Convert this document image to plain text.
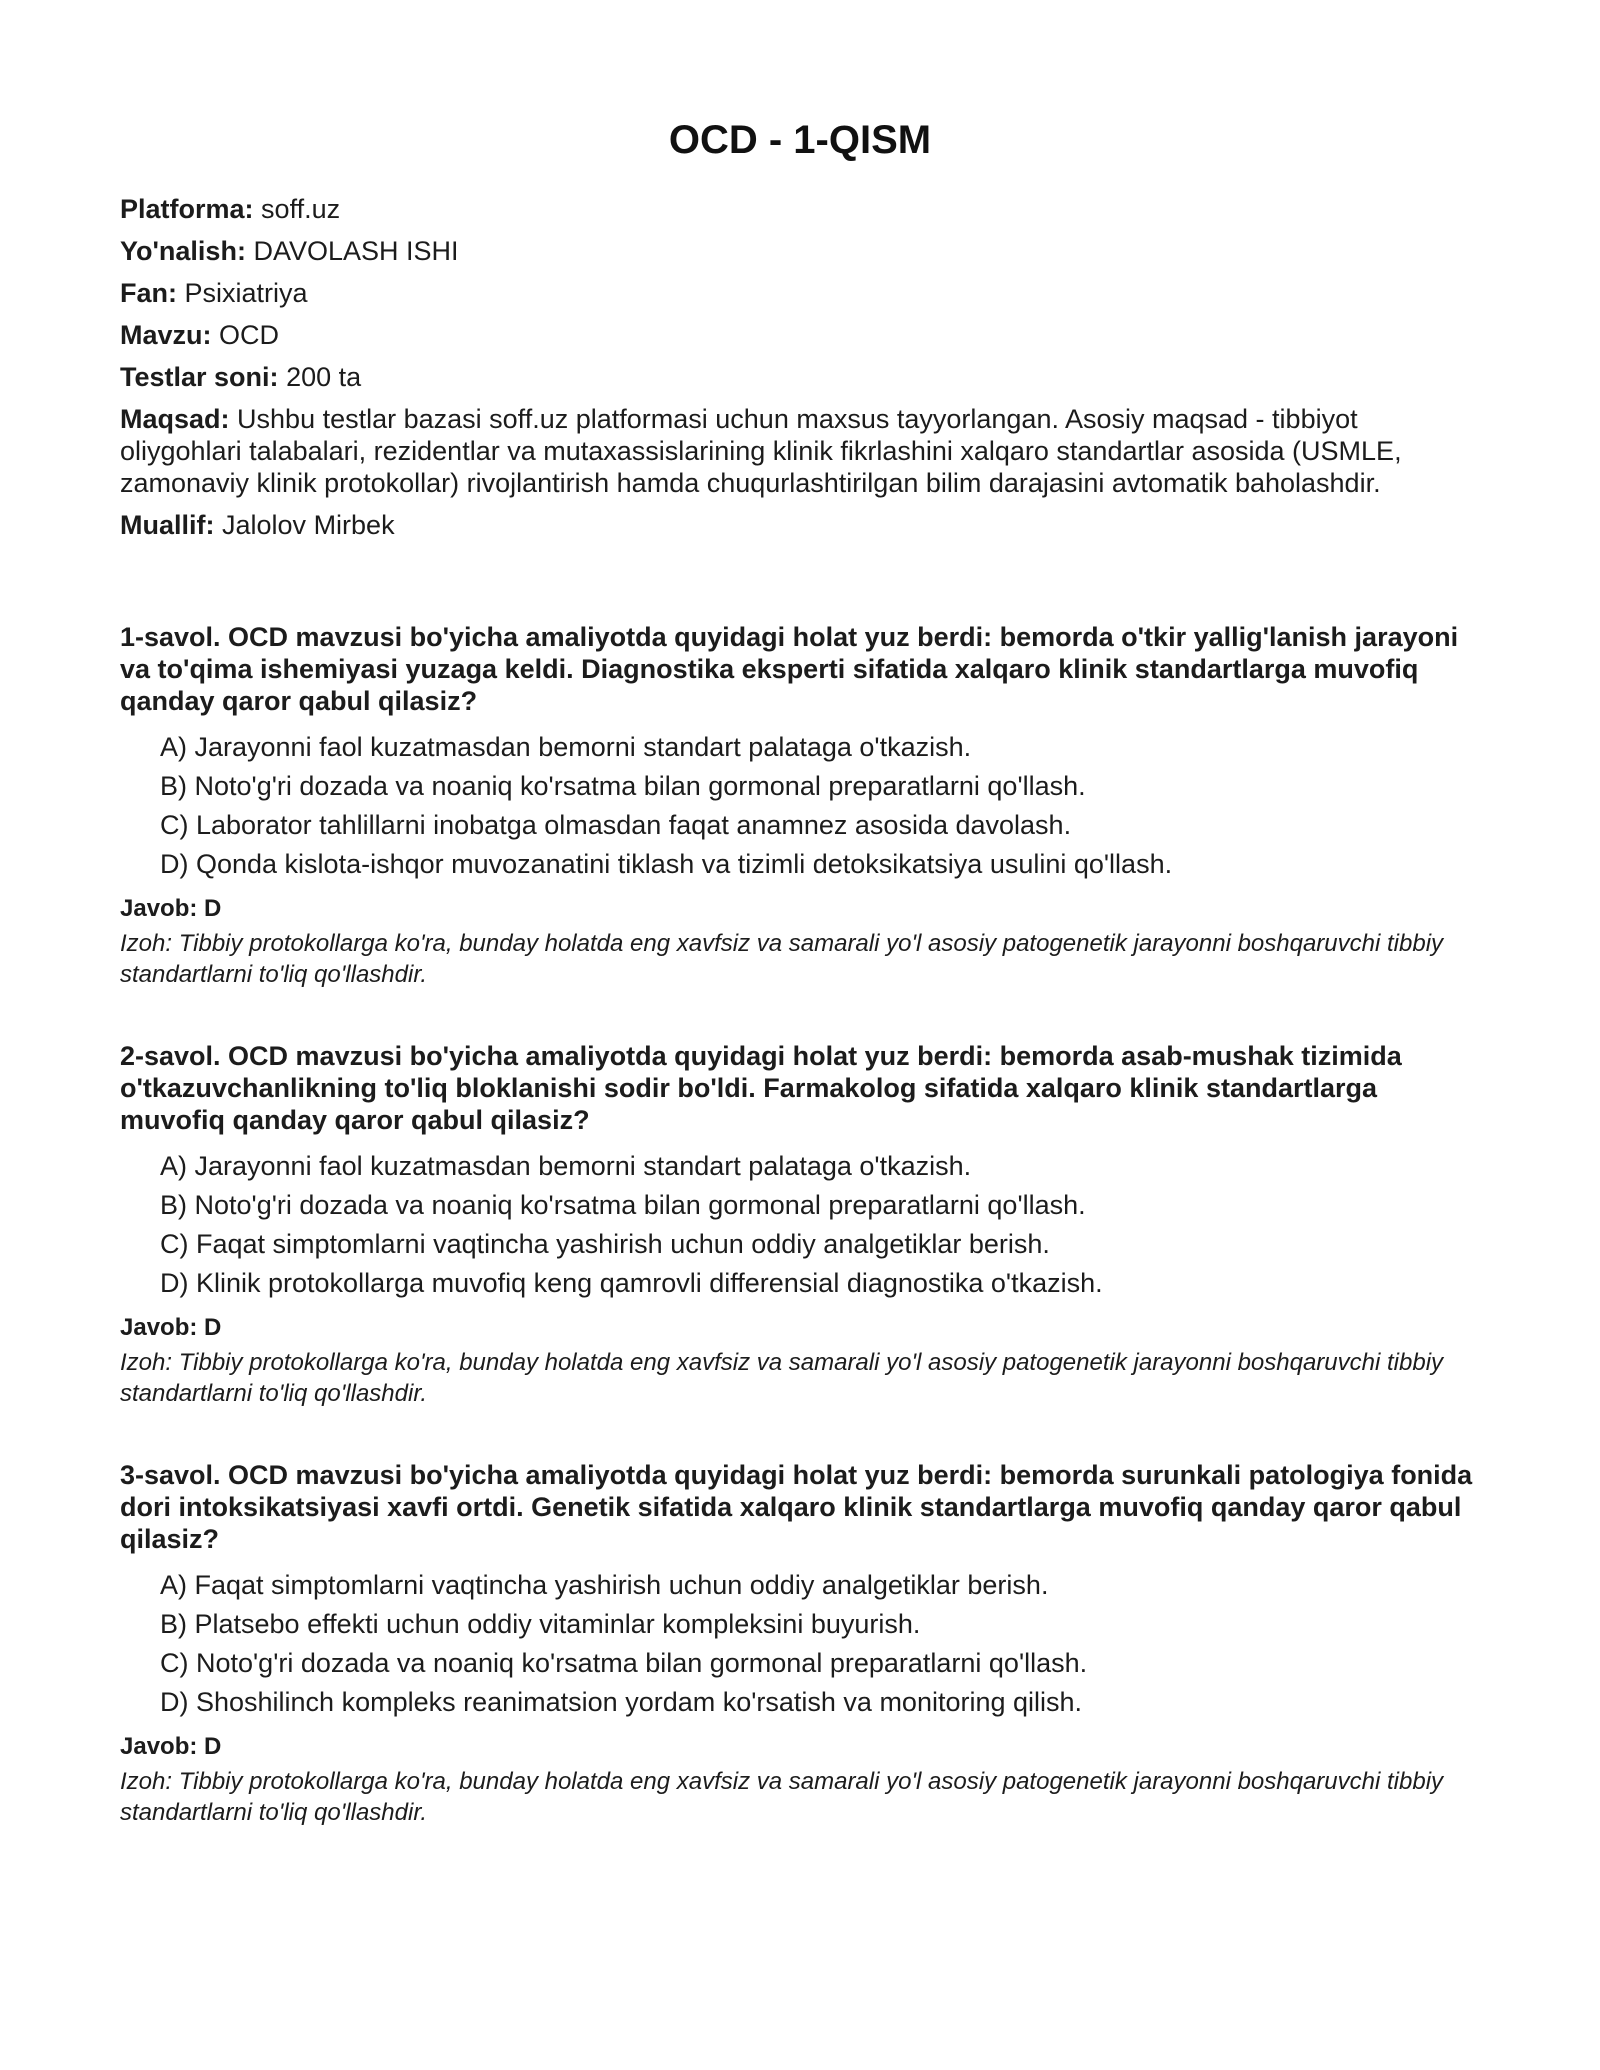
OCD - 1-QISM

Platforma: soff.uz

Yo'nalish: DAVOLASH ISHI

Fan: Psixiatriya

Mavzu: OCD

Testlar soni: 200 ta

Maqsad: Ushbu testlar bazasi soff.uz platformasi uchun maxsus tayyorlangan. Asosiy maqsad - tibbiyot oliygohlari talabalari, rezidentlar va mutaxassislarining klinik fikrlashini xalqaro standartlar asosida (USMLE, zamonaviy klinik protokollar) rivojlantirish hamda chuqurlashtirilgan bilim darajasini avtomatik baholashdir.

Muallif: Jalolov Mirbek

1-savol. OCD mavzusi bo'yicha amaliyotda quyidagi holat yuz berdi: bemorda o'tkir yallig'lanish jarayoni va to'qima ishemiyasi yuzaga keldi. Diagnostika eksperti sifatida xalqaro klinik standartlarga muvofiq qanday qaror qabul qilasiz?

A) Jarayonni faol kuzatmasdan bemorni standart palataga o'tkazish.
B) Noto'g'ri dozada va noaniq ko'rsatma bilan gormonal preparatlarni qo'llash.
C) Laborator tahlillarni inobatga olmasdan faqat anamnez asosida davolash.
D) Qonda kislota-ishqor muvozanatini tiklash va tizimli detoksikatsiya usulini qo'llash.

Javob: D

Izoh: Tibbiy protokollarga ko'ra, bunday holatda eng xavfsiz va samarali yo'l asosiy patogenetik jarayonni boshqaruvchi tibbiy standartlarni to'liq qo'llashdir.

2-savol. OCD mavzusi bo'yicha amaliyotda quyidagi holat yuz berdi: bemorda asab-mushak tizimida o'tkazuvchanlikning to'liq bloklanishi sodir bo'ldi. Farmakolog sifatida xalqaro klinik standartlarga muvofiq qanday qaror qabul qilasiz?

A) Jarayonni faol kuzatmasdan bemorni standart palataga o'tkazish.
B) Noto'g'ri dozada va noaniq ko'rsatma bilan gormonal preparatlarni qo'llash.
C) Faqat simptomlarni vaqtincha yashirish uchun oddiy analgetiklar berish.
D) Klinik protokollarga muvofiq keng qamrovli differensial diagnostika o'tkazish.

Javob: D

Izoh: Tibbiy protokollarga ko'ra, bunday holatda eng xavfsiz va samarali yo'l asosiy patogenetik jarayonni boshqaruvchi tibbiy standartlarni to'liq qo'llashdir.

3-savol. OCD mavzusi bo'yicha amaliyotda quyidagi holat yuz berdi: bemorda surunkali patologiya fonida dori intoksikatsiyasi xavfi ortdi. Genetik sifatida xalqaro klinik standartlarga muvofiq qanday qaror qabul qilasiz?

A) Faqat simptomlarni vaqtincha yashirish uchun oddiy analgetiklar berish.
B) Platsebo effekti uchun oddiy vitaminlar kompleksini buyurish.
C) Noto'g'ri dozada va noaniq ko'rsatma bilan gormonal preparatlarni qo'llash.
D) Shoshilinch kompleks reanimatsion yordam ko'rsatish va monitoring qilish.

Javob: D

Izoh: Tibbiy protokollarga ko'ra, bunday holatda eng xavfsiz va samarali yo'l asosiy patogenetik jarayonni boshqaruvchi tibbiy standartlarni to'liq qo'llashdir.
